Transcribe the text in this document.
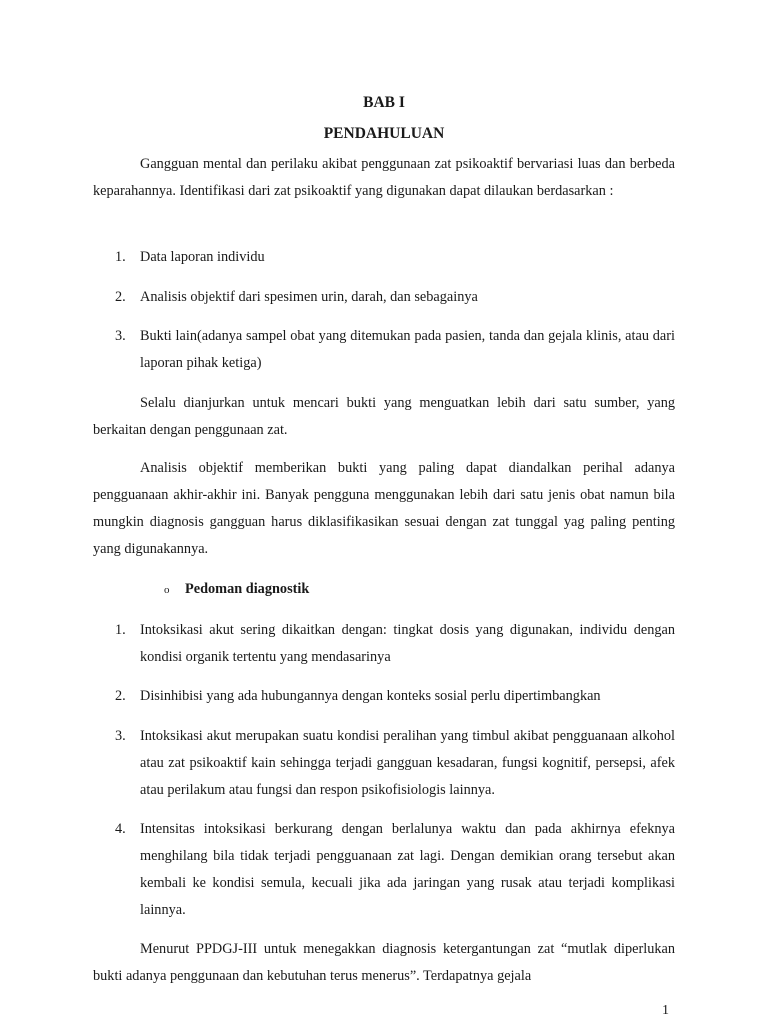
BAB I
PENDAHULUAN

Gangguan mental dan perilaku akibat penggunaan zat psikoaktif bervariasi luas dan berbeda keparahannya. Identifikasi dari zat psikoaktif yang digunakan dapat dilaukan berdasarkan :

1. Data laporan individu
2. Analisis objektif dari spesimen urin, darah, dan sebagainya
3. Bukti lain(adanya sampel obat yang ditemukan pada pasien, tanda dan gejala klinis, atau dari laporan pihak ketiga)

Selalu dianjurkan untuk mencari bukti yang menguatkan lebih dari satu sumber, yang berkaitan dengan penggunaan zat.

Analisis objektif memberikan bukti yang paling dapat diandalkan perihal adanya pengguanaan akhir-akhir ini. Banyak pengguna menggunakan lebih dari satu jenis obat namun bila mungkin diagnosis gangguan harus diklasifikasikan sesuai dengan zat tunggal yag paling penting yang digunakannya.

o Pedoman diagnostik
1. Intoksikasi akut sering dikaitkan dengan: tingkat dosis yang digunakan, individu dengan kondisi organik tertentu yang mendasarinya
2. Disinhibisi yang ada hubungannya dengan konteks sosial perlu dipertimbangkan
3. Intoksikasi akut merupakan suatu kondisi peralihan yang timbul akibat pengguanaan alkohol atau zat psikoaktif kain sehingga terjadi gangguan kesadaran, fungsi kognitif, persepsi, afek atau perilakum atau fungsi dan respon psikofisiologis lainnya.
4. Intensitas intoksikasi berkurang dengan berlalunya waktu dan pada akhirnya efeknya menghilang bila tidak terjadi pengguanaan zat lagi. Dengan demikian orang tersebut akan kembali ke kondisi semula, kecuali jika ada jaringan yang rusak atau terjadi komplikasi lainnya.

Menurut PPDGJ-III untuk menegakkan diagnosis ketergantungan zat “mutlak diperlukan bukti adanya penggunaan dan kebutuhan terus menerus”. Terdapatnya gejala

1
